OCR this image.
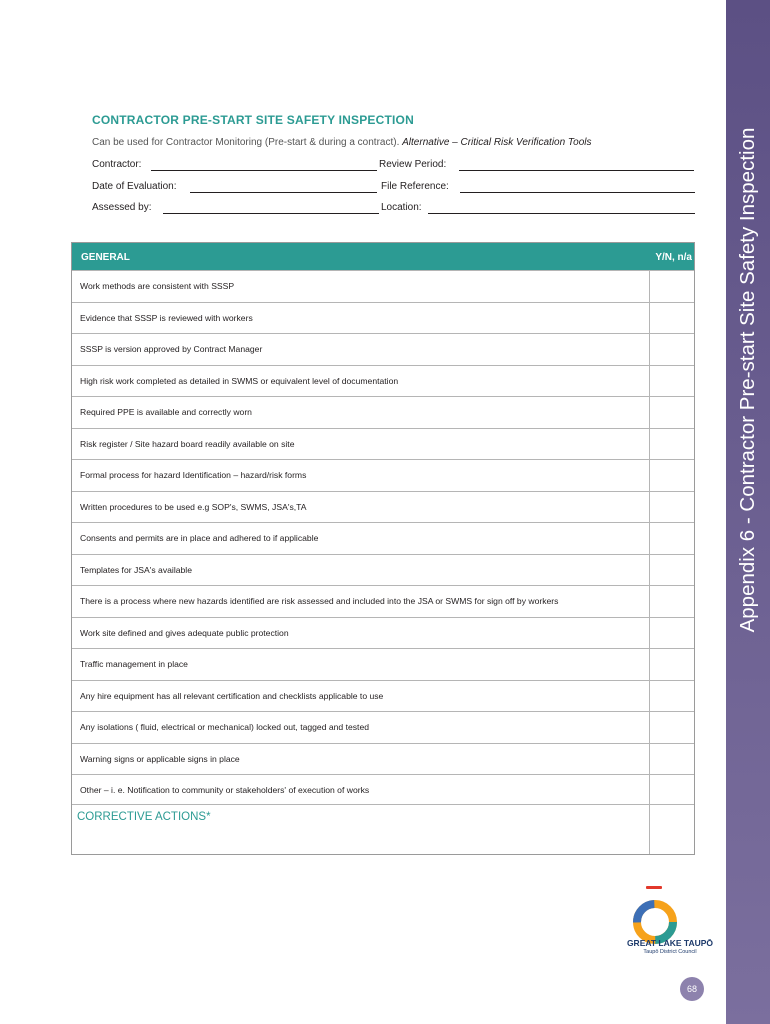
Appendix 6 - Contractor Pre-start Site Safety Inspection
CONTRACTOR PRE-START SITE SAFETY INSPECTION
Can be used for Contractor Monitoring (Pre-start & during a contract). Alternative – Critical Risk Verification Tools
Contractor:	Review Period:
Date of Evaluation:	File Reference:
Assessed by:	Location:
GENERAL	Y/N, n/a
Work methods are consistent with SSSP
Evidence that SSSP is reviewed with workers
SSSP is version approved by Contract Manager
High risk work completed as detailed in SWMS or equivalent level of documentation
Required PPE is available and correctly worn
Risk register / Site hazard board readily available on site
Formal process for hazard Identification – hazard/risk forms
Written procedures to be used e.g SOP's, SWMS, JSA's,TA
Consents and permits are in place and adhered to if applicable
Templates for JSA's available
There is a process where new hazards identified are risk assessed and included into the JSA or SWMS for sign off by workers
Work site defined and gives adequate public protection
Traffic management in place
Any hire equipment has all relevant certification and checklists applicable to use
Any isolations ( fluid, electrical or mechanical) locked out, tagged and tested
Warning signs or applicable signs in place
Other – i. e. Notification to community or stakeholders' of execution of works
CORRECTIVE ACTIONS*
GREAT LAKE TAUPŌ
Taupō District Council
68
